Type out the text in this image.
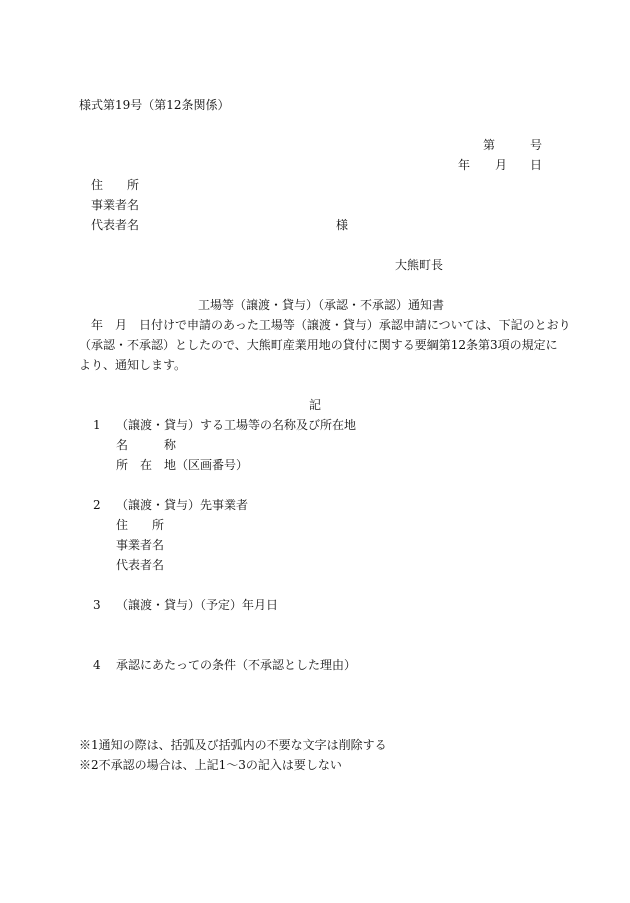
様式第19号（第12条関係）
第	号
年 月 日
住　　所
事業者名
代表者名	様
大熊町長
工場等（譲渡・貸与）（承認・不承認）通知書
年　月　日付けで申請のあった工場等（譲渡・貸与）承認申請については、下記のとおり
（承認・不承認）としたので、大熊町産業用地の貸付に関する要綱第12条第3項の規定に
より、通知します。
記
1 （譲渡・貸与）する工場等の名称及び所在地
名　　　称
所　在　地（区画番号）
2 （譲渡・貸与）先事業者
住　　所
事業者名
代表者名
3 （譲渡・貸与）（予定）年月日
4 承認にあたっての条件（不承認とした理由）
※1通知の際は、括弧及び括弧内の不要な文字は削除する
※2不承認の場合は、上記1～3の記入は要しない
